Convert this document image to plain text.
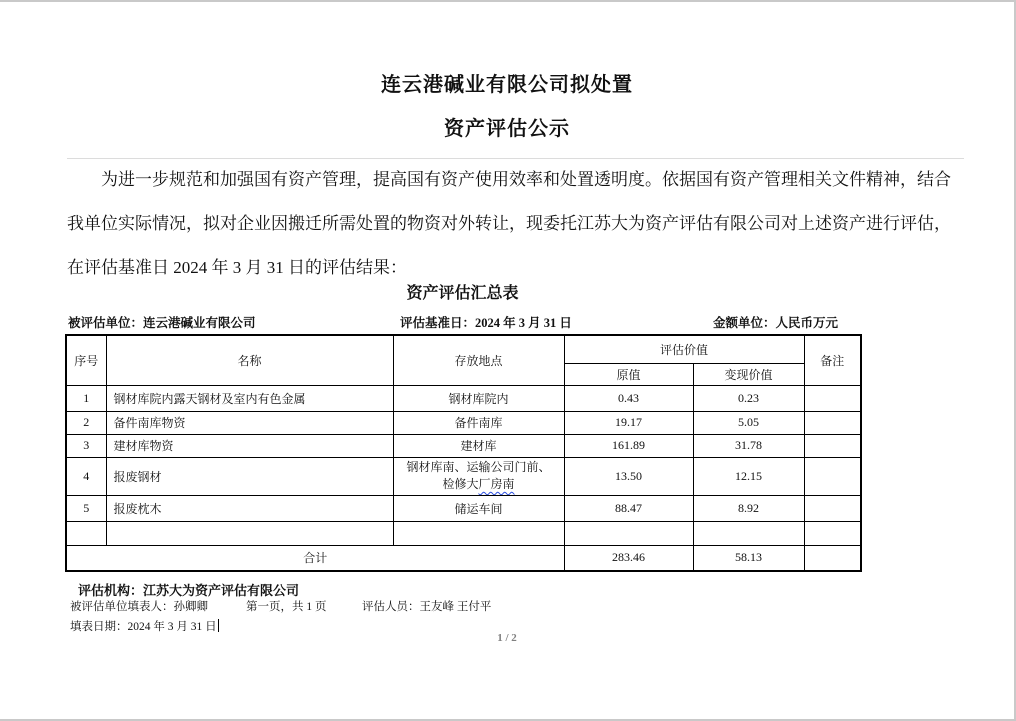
连云港碱业有限公司拟处置
资产评估公示

为进一步规范和加强国有资产管理，提高国有资产使用效率和处置透明度。依据国有资产管理相关文件精神，结合我单位实际情况，拟对企业因搬迁所需处置的物资对外转让，现委托江苏大为资产评估有限公司对上述资产进行评估，在评估基准日 2024 年 3 月 31 日的评估结果：

资产评估汇总表
被评估单位：连云港碱业有限公司	评估基准日：2024 年 3 月 31 日	金额单位：人民币万元
序号	名称	存放地点	评估价值		备注
			原值	变现价值	
1	钢材库院内露天钢材及室内有色金属	钢材库院内	0.43	0.23	
2	备件南库物资	备件南库	19.17	5.05	
3	建材库物资	建材库	161.89	31.78	
4	报废钢材	钢材库南、运输公司门前、
检修大厂房南	13.50	12.15	
5	报废枕木	储运车间	88.47	8.92	

合计			283.46	58.13	
评估机构：江苏大为资产评估有限公司
被评估单位填表人：孙卿卿	第一页，共 1 页	评估人员：王友峰 王付平
填表日期：2024 年 3 月 31 日
1 / 2
